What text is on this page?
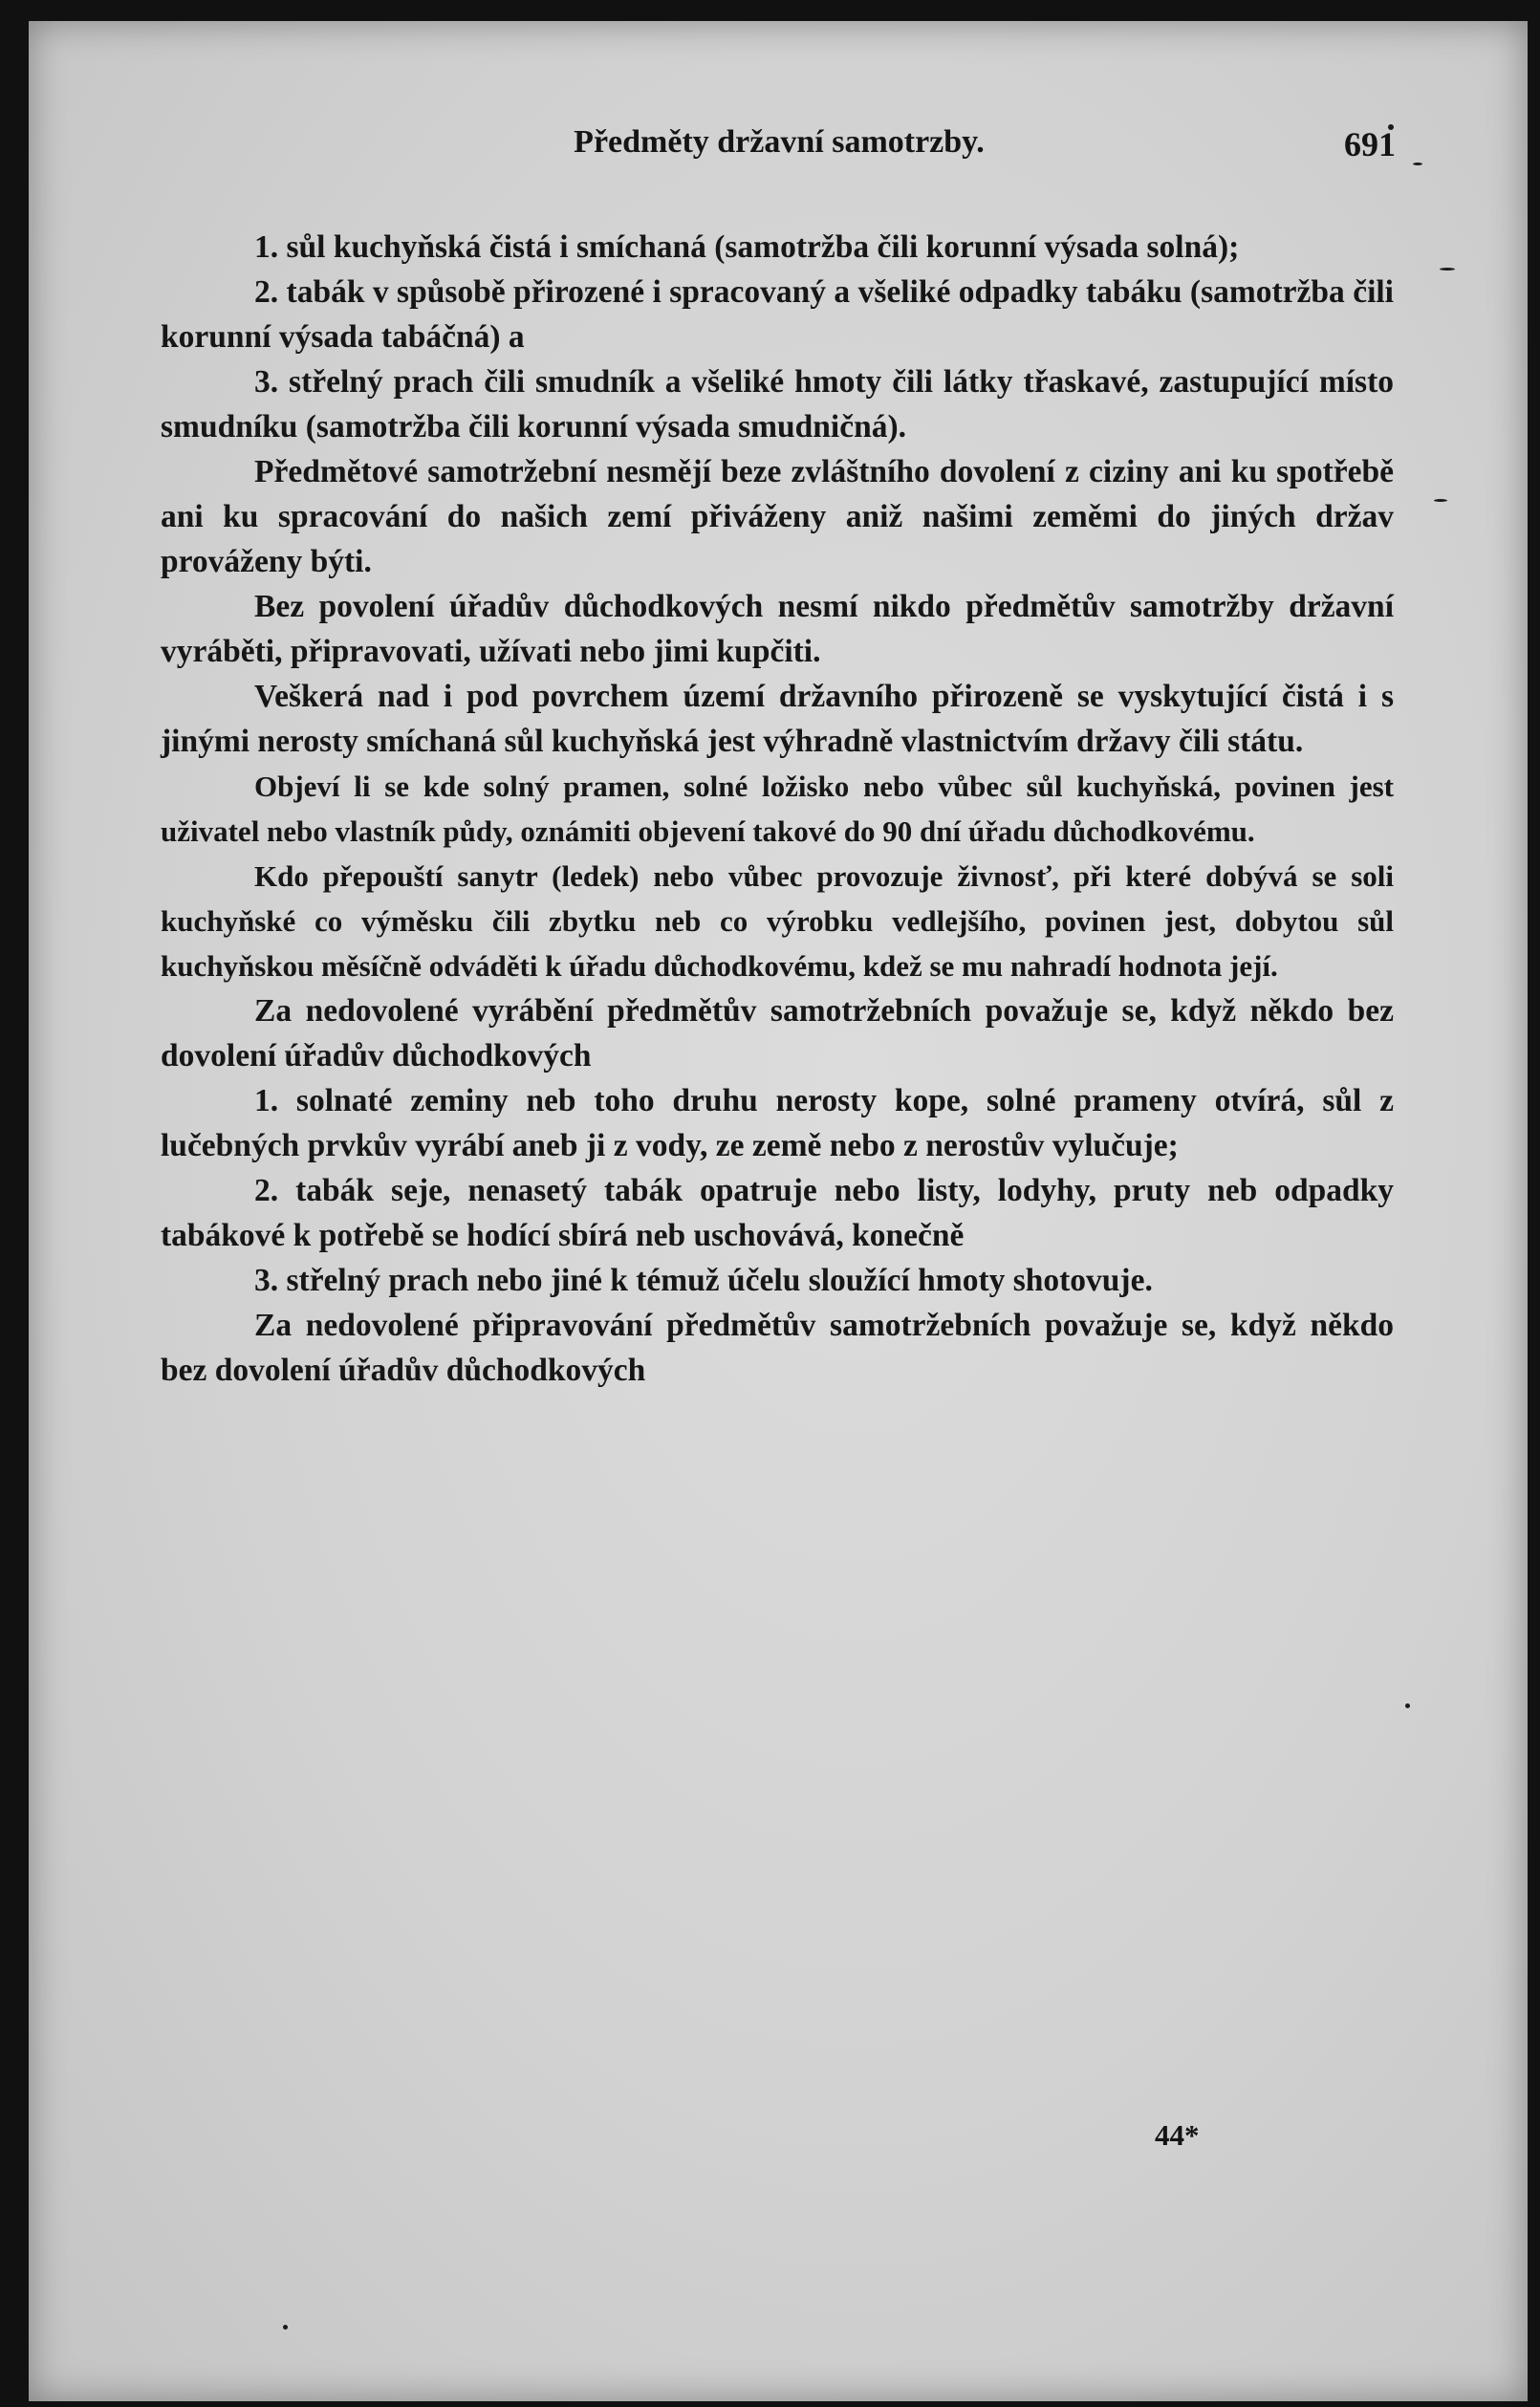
Předměty državní samotrzby.	691

1. sůl kuchyňská čistá i smíchaná (samotržba čili korunní výsada solná);

2. tabák v spůsobě přirozené i spracovaný a všeliké odpadky tabáku (samotržba čili korunní výsada tabáčná) a

3. střelný prach čili smudník a všeliké hmoty čili látky třaskavé, zastupující místo smudníku (samotržba čili korunní výsada smudničná).

Předmětové samotržební nesmějí beze zvláštního dovolení z ciziny ani ku spotřebě ani ku spracování do našich zemí přiváženy aniž našimi zeměmi do jiných držav prováženy býti.

Bez povolení úřadův důchodkových nesmí nikdo předmětův samotržby državní vyráběti, připravovati, užívati nebo jimi kupčiti.

Veškerá nad i pod povrchem území državního přirozeně se vyskytující čistá i s jinými nerosty smíchaná sůl kuchyňská jest výhradně vlastnictvím državy čili státu.

Objeví li se kde solný pramen, solné ložisko nebo vůbec sůl kuchyňská, povinen jest uživatel nebo vlastník půdy, oznámiti objevení takové do 90 dní úřadu důchodkovému.

Kdo přepouští sanytr (ledek) nebo vůbec provozuje živnosť, při které dobývá se soli kuchyňské co výměsku čili zbytku neb co výrobku vedlejšího, povinen jest, dobytou sůl kuchyňskou měsíčně odváděti k úřadu důchodkovému, kdež se mu nahradí hodnota její.

Za nedovolené vyrábění předmětův samotržebních považuje se, když někdo bez dovolení úřadův důchodkových

1. solnaté zeminy neb toho druhu nerosty kope, solné prameny otvírá, sůl z lučebných prvkův vyrábí aneb ji z vody, ze země nebo z nerostův vylučuje;

2. tabák seje, nenasetý tabák opatruje nebo listy, lodyhy, pruty neb odpadky tabákové k potřebě se hodící sbírá neb uschovává, konečně

3. střelný prach nebo jiné k témuž účelu sloužící hmoty shotovuje.

Za nedovolené připravování předmětův samotržebních považuje se, když někdo bez dovolení úřadův důchodkových

44*
